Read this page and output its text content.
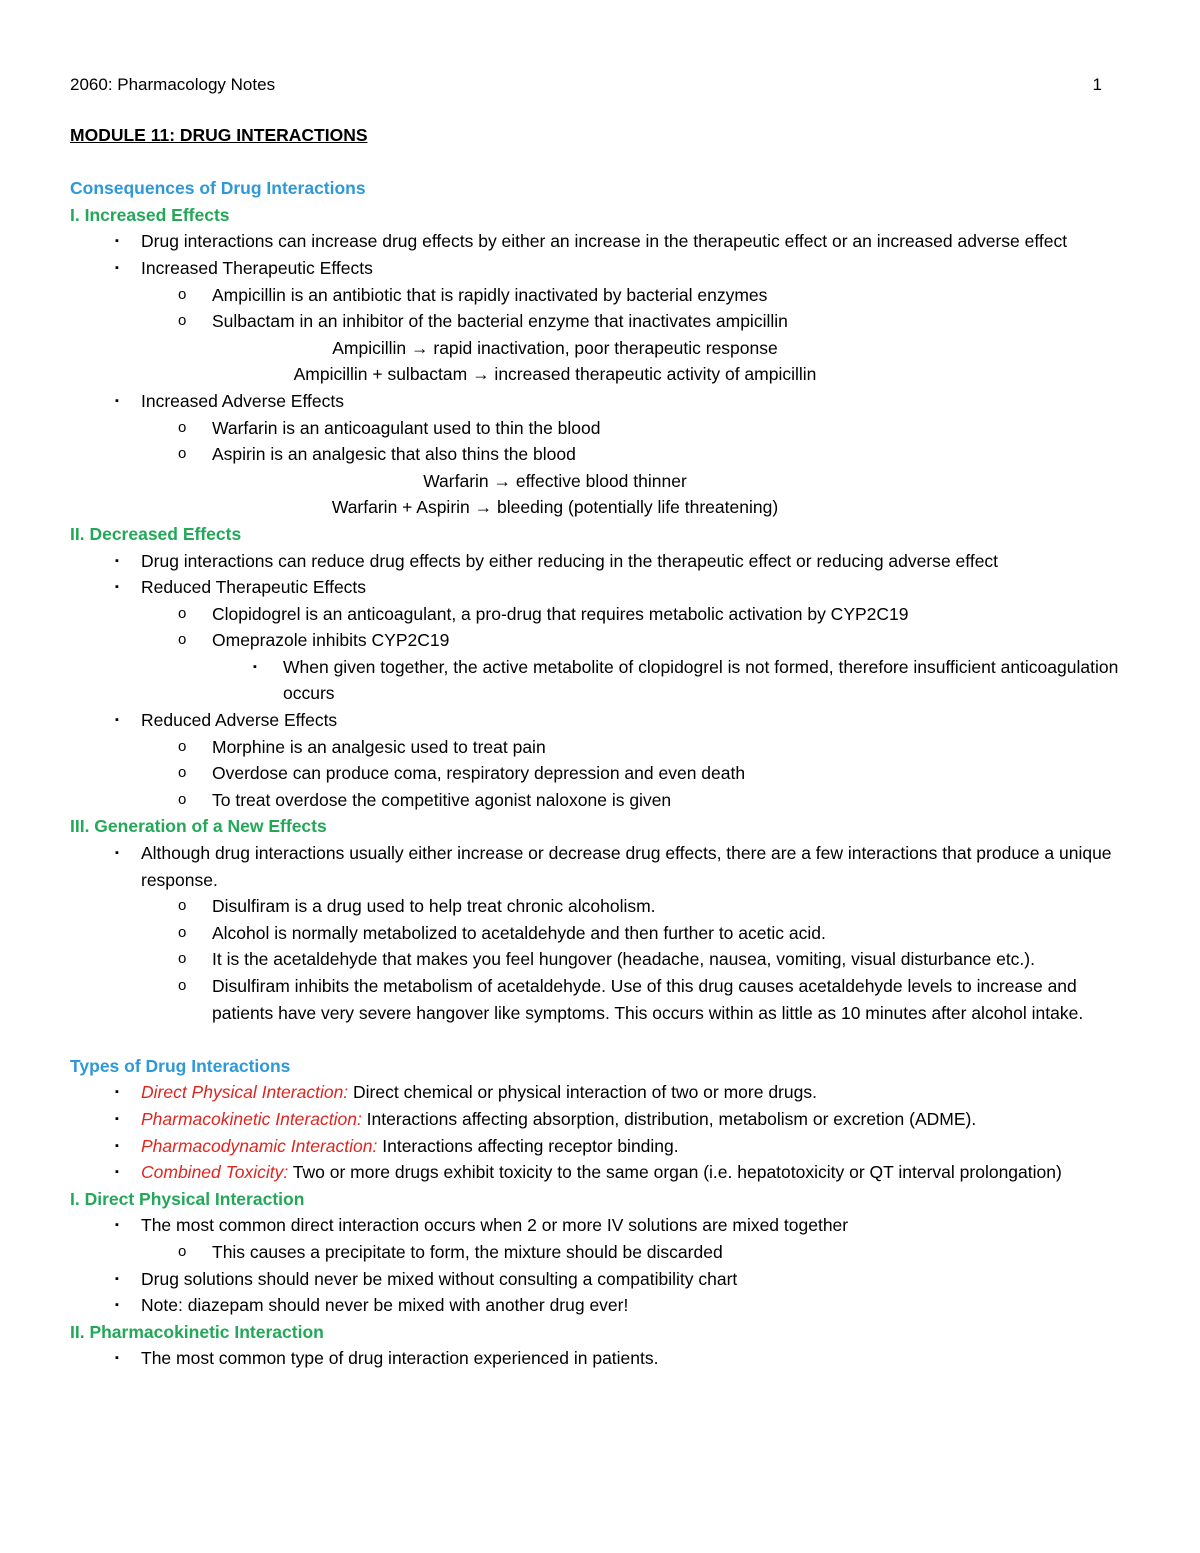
2060: Pharmacology Notes	1
MODULE 11: DRUG INTERACTIONS
Consequences of Drug Interactions
I. Increased Effects
▪ Drug interactions can increase drug effects by either an increase in the therapeutic effect or an increased adverse effect
▪ Increased Therapeutic Effects
o Ampicillin is an antibiotic that is rapidly inactivated by bacterial enzymes
o Sulbactam in an inhibitor of the bacterial enzyme that inactivates ampicillin
Ampicillin → rapid inactivation, poor therapeutic response
Ampicillin + sulbactam → increased therapeutic activity of ampicillin
▪ Increased Adverse Effects
o Warfarin is an anticoagulant used to thin the blood
o Aspirin is an analgesic that also thins the blood
Warfarin → effective blood thinner
Warfarin + Aspirin → bleeding (potentially life threatening)
II. Decreased Effects
▪ Drug interactions can reduce drug effects by either reducing in the therapeutic effect or reducing adverse effect
▪ Reduced Therapeutic Effects
o Clopidogrel is an anticoagulant, a pro-drug that requires metabolic activation by CYP2C19
o Omeprazole inhibits CYP2C19
▪ When given together, the active metabolite of clopidogrel is not formed, therefore insufficient anticoagulation occurs
▪ Reduced Adverse Effects
o Morphine is an analgesic used to treat pain
o Overdose can produce coma, respiratory depression and even death
o To treat overdose the competitive agonist naloxone is given
III. Generation of a New Effects
▪ Although drug interactions usually either increase or decrease drug effects, there are a few interactions that produce a unique response.
o Disulfiram is a drug used to help treat chronic alcoholism.
o Alcohol is normally metabolized to acetaldehyde and then further to acetic acid.
o It is the acetaldehyde that makes you feel hungover (headache, nausea, vomiting, visual disturbance etc.).
o Disulfiram inhibits the metabolism of acetaldehyde. Use of this drug causes acetaldehyde levels to increase and patients have very severe hangover like symptoms. This occurs within as little as 10 minutes after alcohol intake.
Types of Drug Interactions
▪ Direct Physical Interaction: Direct chemical or physical interaction of two or more drugs.
▪ Pharmacokinetic Interaction: Interactions affecting absorption, distribution, metabolism or excretion (ADME).
▪ Pharmacodynamic Interaction: Interactions affecting receptor binding.
▪ Combined Toxicity: Two or more drugs exhibit toxicity to the same organ (i.e. hepatotoxicity or QT interval prolongation)
I. Direct Physical Interaction
▪ The most common direct interaction occurs when 2 or more IV solutions are mixed together
o This causes a precipitate to form, the mixture should be discarded
▪ Drug solutions should never be mixed without consulting a compatibility chart
▪ Note: diazepam should never be mixed with another drug ever!
II. Pharmacokinetic Interaction
▪ The most common type of drug interaction experienced in patients.
